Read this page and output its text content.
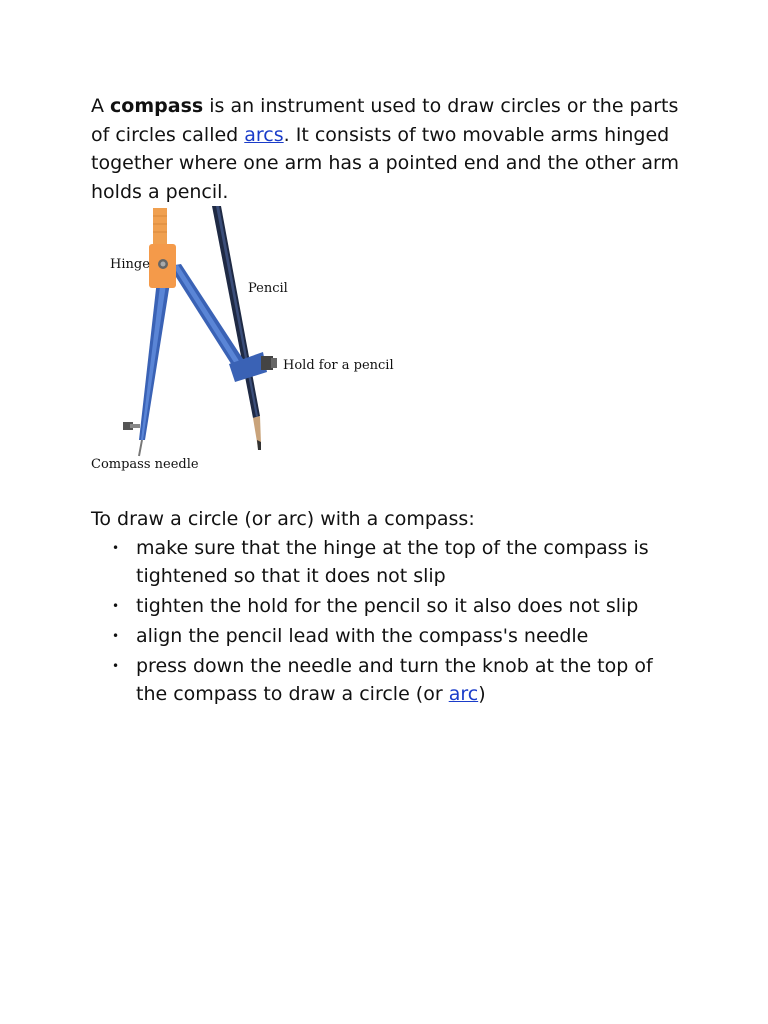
A compass is an instrument used to draw circles or the parts of circles called arcs. It consists of two movable arms hinged together where one arm has a pointed end and the other arm holds a pencil.

Hinge
Pencil
Hold for a pencil
Compass needle

To draw a circle (or arc) with a compass:

• make sure that the hinge at the top of the compass is tightened so that it does not slip
• tighten the hold for the pencil so it also does not slip
• align the pencil lead with the compass's needle
• press down the needle and turn the knob at the top of the compass to draw a circle (or arc)
